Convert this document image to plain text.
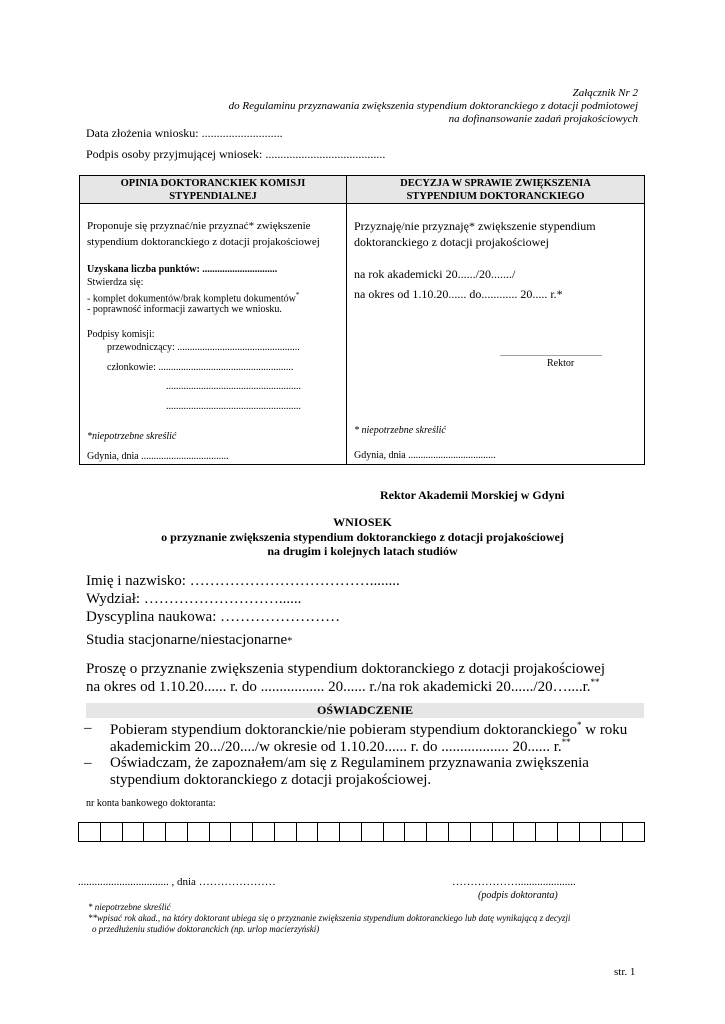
Załącznik Nr 2
do Regulaminu przyznawania zwiększenia stypendium doktoranckiego z dotacji podmiotowej
na dofinansowanie zadań projakościowych
Data złożenia wniosku: ...........................
Podpis osoby przyjmującej wniosek: ........................................
OPINIA DOKTORANCKIEK KOMISJI
STYPENDIALNEJ
Proponuje się przyznać/nie przyznać* zwiększenie
stypendium doktoranckiego z dotacji projakościowej
Uzyskana liczba punktów: ..............................
Stwierdza się:
- komplet dokumentów/brak kompletu dokumentów*
- poprawność informacji zawartych we wniosku.
Podpisy komisji:
przewodniczący: .................................................
członkowie: ......................................................
......................................................
......................................................
*niepotrzebne skreślić
Gdynia, dnia ...................................
DECYZJA W SPRAWIE ZWIĘKSZENIA
STYPENDIUM DOKTORANCKIEGO
Przyznaję/nie przyznaję* zwiększenie stypendium
doktoranckiego z dotacji projakościowej
na rok akademicki 20....../20......./
na okres od 1.10.20...... do............ 20..... r.*
...................................................
Rektor
* niepotrzebne skreślić
Gdynia, dnia ...................................
Rektor Akademii Morskiej w Gdyni
WNIOSEK
o przyznanie zwiększenia stypendium doktoranckiego z dotacji projakościowej
na drugim i kolejnych latach studiów
Imię i nazwisko: ………………………………........
Wydział: ………………………......
Dyscyplina naukowa: ……………………
Studia stacjonarne/niestacjonarne*
Proszę o przyznanie zwiększenia stypendium doktoranckiego z dotacji projakościowej
na okres od 1.10.20...... r. do ................. 20...... r./na rok akademicki 20....../20…....r.**
OŚWIADCZENIE
– Pobieram stypendium doktoranckie/nie pobieram stypendium doktoranckiego* w roku
akademickim 20.../20..../w okresie od 1.10.20...... r. do .................. 20...... r.**
– Oświadczam, że zapoznałem/am się z Regulaminem przyznawania zwiększenia
stypendium doktoranckiego z dotacji projakościowej.
nr konta bankowego doktoranta:
................................. , dnia …………………	……………….....................
(podpis doktoranta)
* niepotrzebne skreślić
**wpisać rok akad., na który doktorant ubiega się o przyznanie zwiększenia stypendium doktoranckiego lub datę wynikającą z decyzji
o przedłużeniu studiów doktoranckich (np. urlop macierzyński)
str. 1
